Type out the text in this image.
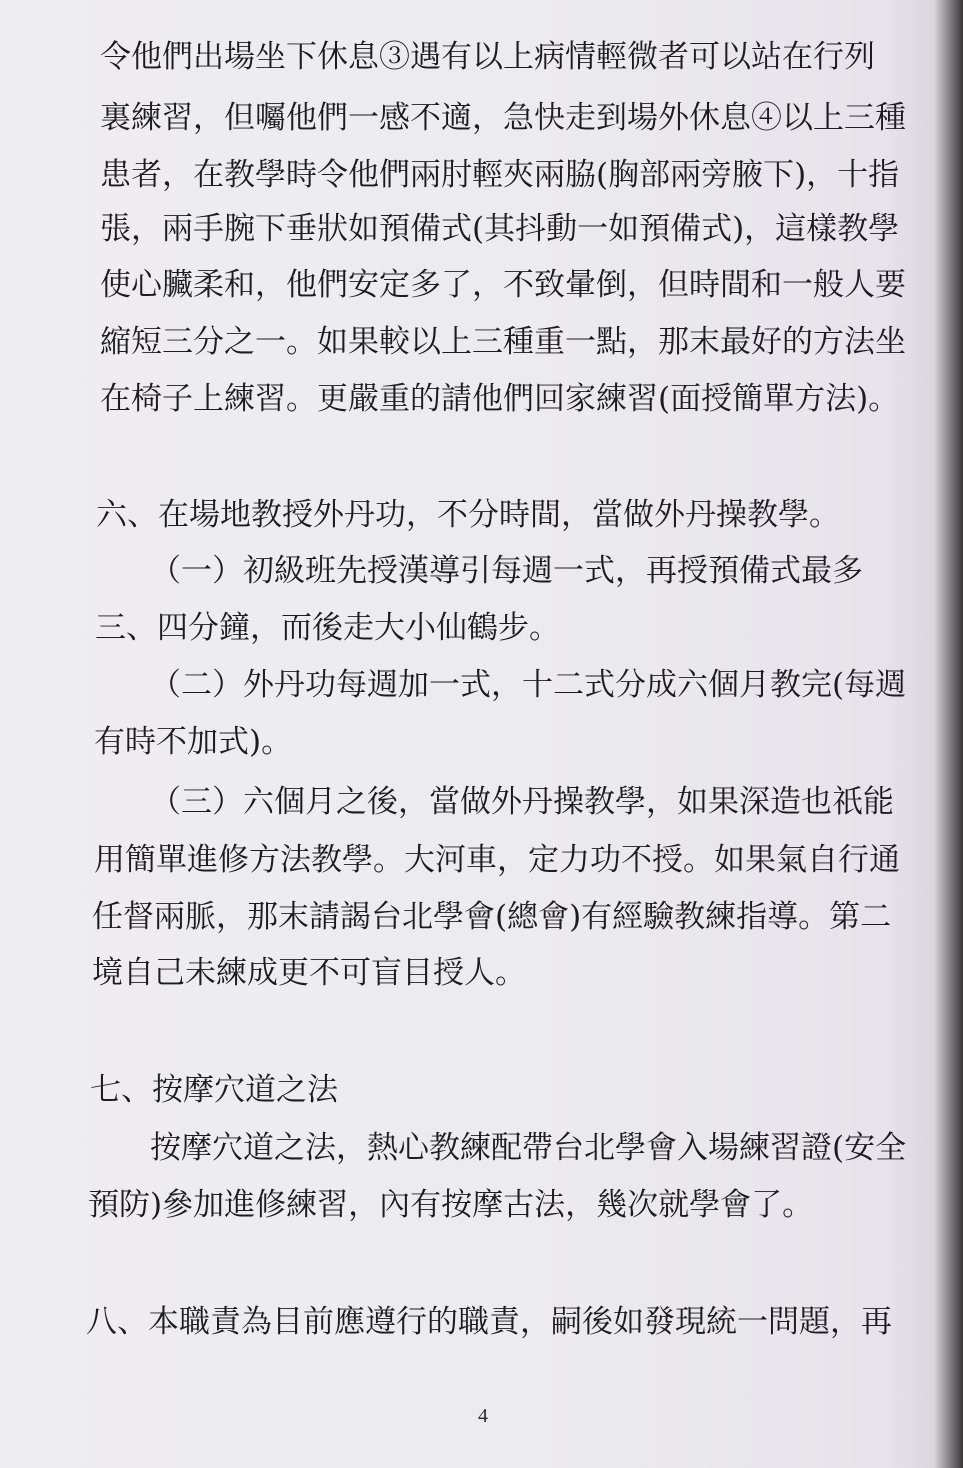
令他們出場坐下休息③遇有以上病情輕微者可以站在行列
裏練習，但囑他們一感不適，急快走到場外休息④以上三種
患者，在教學時令他們兩肘輕夾兩脇(胸部兩旁腋下)，十指
張，兩手腕下垂狀如預備式(其抖動一如預備式)，這樣教學
使心臟柔和，他們安定多了，不致暈倒，但時間和一般人要
縮短三分之一。如果較以上三種重一點，那末最好的方法坐
在椅子上練習。更嚴重的請他們回家練習(面授簡單方法)。
六、在場地教授外丹功，不分時間，當做外丹操教學。
（一）初級班先授漢導引每週一式，再授預備式最多
三、四分鐘，而後走大小仙鶴步。
（二）外丹功每週加一式，十二式分成六個月教完(每週
有時不加式)。
（三）六個月之後，當做外丹操教學，如果深造也祇能
用簡單進修方法教學。大河車，定力功不授。如果氣自行通
任督兩脈，那末請謁台北學會(總會)有經驗教練指導。第二
境自己未練成更不可盲目授人。
七、按摩穴道之法
按摩穴道之法，熱心教練配帶台北學會入場練習證(安全
預防)參加進修練習，內有按摩古法，幾次就學會了。
八、本職責為目前應遵行的職責，嗣後如發現統一問題，再
4
